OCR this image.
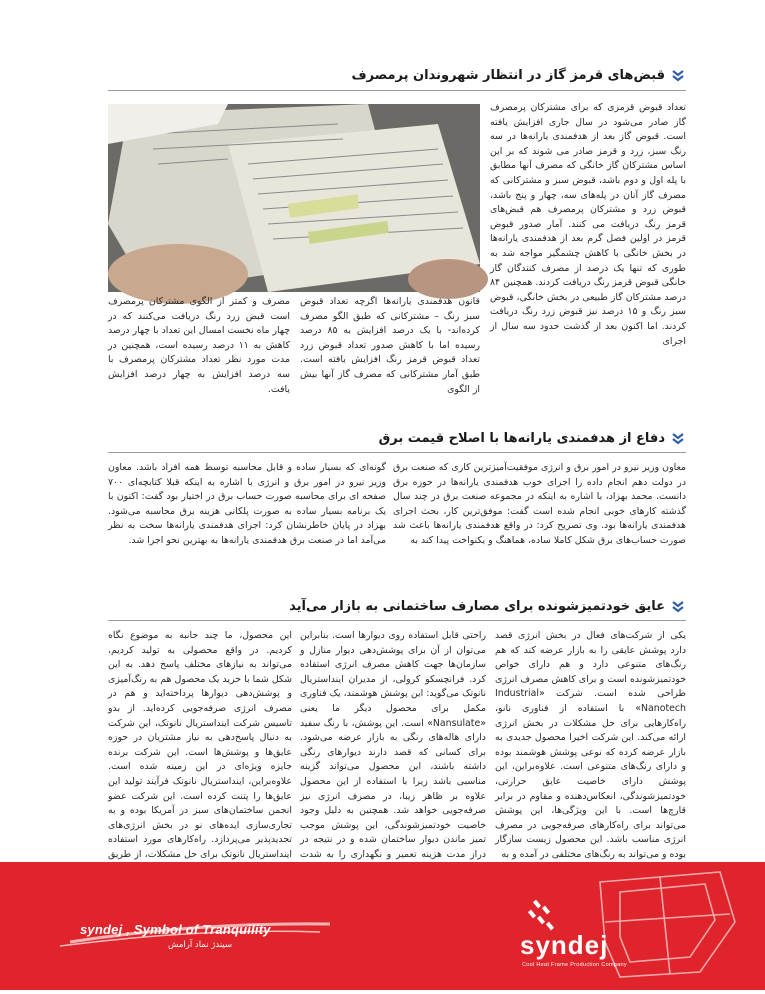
قبض‌های قرمز گاز در انتظار شهروندان پرمصرف

تعداد قبوض قرمزی که برای مشترکان پرمصرف گاز صادر می‌شود در سال جاری افزایش یافته است. قبوض گاز بعد از هدفمندی یارانه‌ها در سه رنگ سبز، زرد و قرمز صادر می شوند که بر این اساس مشترکان گاز خانگی که مصرف آنها مطابق با پله اول و دوم باشد، قبوض سبز و مشترکانی که مصرف گاز آنان در پله‌های سه، چهار و پنج باشد، قبوض زرد و مشترکان پرمصرف هم قبض‌های قرمز رنگ دریافت می کنند. آمار صدور قبوض قرمز در اولین فصل گرم بعد از هدفمندی یارانه‌ها در بخش خانگی با کاهش چشمگیر مواجه شد به طوری که تنها یک درصد از مصرف کنندگان گاز خانگی قبوض قرمز رنگ دریافت کردند. همچنین ۸۴ درصد مشترکان گاز طبیعی در بخش خانگی، قبوض سبز رنگ و ۱۵ درصد نیز قبوض زرد رنگ دریافت کردند. اما اکنون بعد از گذشت حدود سه سال از اجرای

قانون هدفمندی یارانه‌ها اگرچه تعداد قبوض سبز رنگ – مشترکانی که طبق الگو مصرف کرده‌اند- با یک درصد افزایش به ۸۵ درصد رسیده اما با کاهش صدور تعداد قبوض زرد تعداد قبوض قرمز رنگ افزایش یافته است. طبق آمار مشترکانی که مصرف گاز آنها بیش از الگوی

مصرف و کمتر از الگوی مشترکان پرمصرف است قبض زرد رنگ دریافت می‌کنند که در چهار ماه نخست امسال این تعداد با چهار درصد کاهش به ۱۱ درصد رسیده است، همچنین در مدت مورد نظر تعداد مشترکان پرمصرف با سه درصد افزایش به چهار درصد افزایش یافت.

دفاع از هدفمندی یارانه‌ها با اصلاح قیمت برق

معاون وزیر نیرو در امور برق و انرژی موفقیت‌آمیزترین کاری که صنعت برق در دولت دهم انجام داده را اجرای خوب هدفمندی یارانه‌ها در حوزه برق دانست. محمد بهزاد، با اشاره به اینکه در مجموعه صنعت برق در چند سال گذشته کارهای خوبی انجام شده است گفت: موفق‌ترین کار، بحث اجرای هدفمندی یارانه‌ها بود. وی تصریح کرد: در واقع هدفمندی یارانه‌ها باعث شد صورت حساب‌های برق شکل کاملا ساده، هماهنگ و یکنواخت پیدا کند به

گونه‌ای که بسیار ساده و قابل محاسبه توسط همه افراد باشد. معاون وزیر نیرو در امور برق و انرژی با اشاره به اینکه قبلا کتابچه‌ای ۷۰۰ صفحه ای برای محاسبه صورت حساب برق در اختیار بود گفت: اکنون با یک برنامه بسیار ساده به صورت پلکانی هزینه برق محاسبه می‌شود. بهزاد در پایان خاطرنشان کرد: اجرای هدفمندی یارانه‌ها سخت به نظر می‌آمد اما در صنعت برق هدفمندی یارانه‌ها به بهترین نحو اجرا شد.

عایق خودتمیزشونده برای مصارف ساختمانی به بازار می‌آید

یکی از شرکت‌های فعال در بخش انرژی قصد دارد پوشش عایقی را به بازار عرضه کند که هم رنگ‌های متنوعی دارد و هم دارای خواص خودتمیزشونده است و برای کاهش مصرف انرژی طراحی شده است. شرکت «Industrial Nanotech» با استفاده از فناوری نانو، راه‌کارهایی برای حل مشکلات در بخش انرژی ارائه می‌کند. این شرکت اخیرا محصول جدیدی به بازار عرضه کرده که نوعی پوشش هوشمند بوده و دارای رنگ‌های متنوعی است. علاوه‌براین، این پوشش دارای خاصیت عایق حرارتی، خودتمیزشوندگی، انعکاس‌دهنده و مقاوم در برابر قارچ‌ها است. با این ویژگی‌ها، این پوشش می‌تواند برای راه‌کارهای صرفه‌جویی در مصرف انرژی مناسب باشد. این محصول زیست سازگار بوده و می‌تواند به رنگ‌های مختلفی در آمده و به

راحتی قابل استفاده روی دیوارها است. بنابراین می‌توان از آن برای پوشش‌دهی دیوار منازل و سازمان‌ها جهت کاهش مصرف انرژی استفاده کرد. فرانچسکو کرولی، از مدیران اینداستریال نانوتک می‌گوید: این پوشش هوشمند، یک فناوری مکمل برای محصول دیگر ما یعنی «Nansulate» است. این پوشش، با رنگ سفید دارای هاله‌های رنگی به بازار عرضه می‌شود. برای کسانی که قصد دارند دیوارهای رنگی داشته باشند، این محصول می‌تواند گزینه مناسبی باشد زیرا با استفاده از این محصول علاوه بر ظاهر زیبا، در مصرف انرژی نیز صرفه‌جویی خواهد شد. همچنین به دلیل وجود خاصیت خودتمیزشوندگی، این پوشش موجب تمیز ماندن دیوار ساختمان شده و در نتیجه در دراز مدت هزینه تعمیر و نگهداری را به شدت

این محصول، ما چند جانبه به موضوع نگاه کردیم. در واقع محصولی به تولید کردیم، می‌تواند به نیازهای مختلف پاسخ دهد. به این شکل شما با خرید یک محصول هم به رنگ‌آمیزی و پوشش‌دهی دیوارها پرداخته‌اید و هم در مصرف انرژی صرفه‌جویی کرده‌اید. از بدو تاسیس شرکت اینداستریال نانوتک، این شرکت به دنبال پاسخ‌دهی به نیاز مشتریان در حوزه عایق‌ها و پوشش‌ها است. این شرکت برنده جایزه ویژه‌ای در این زمینه شده است. علاوه‌براین، اینداستریال نانوتک فرآیند تولید این عایق‌ها را پتنت کرده است. این شرکت عضو انجمن ساختمان‌های سبز در آمریکا بوده و به تجاری‌سازی ایده‌های نو در بخش انرژی‌های تجدیدپذیر می‌پردازد. راه‌کارهای مورد استفاده اینداستریال نانوتک برای حل مشکلات، از طریق

syndej , Symbol of Tranquility
سیندژ نماد آرامش	syndej
Cool Heat Frame Production Company
